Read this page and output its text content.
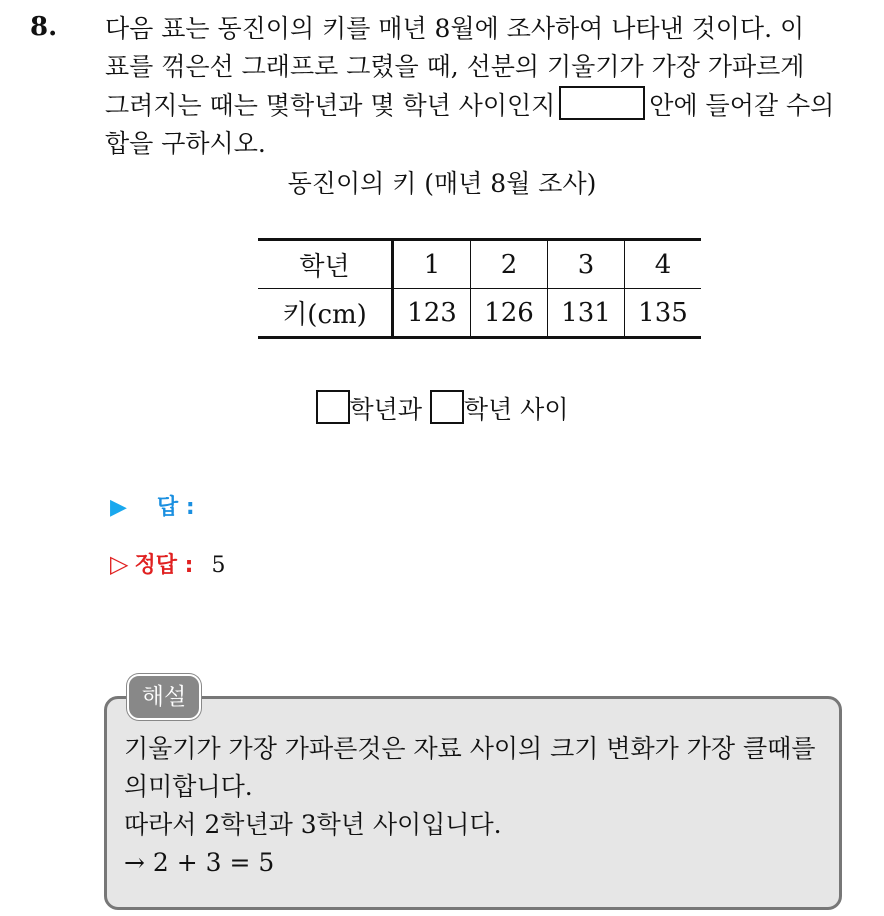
8. 다음 표는 동진이의 키를 매년 8월에 조사하여 나타낸 것이다. 이
표를 꺾은선 그래프로 그렸을 때, 선분의 기울기가 가장 가파르게
그려지는 때는 몇학년과 몇 학년 사이인지	안에 들어갈 수의
합을 구하시오.
동진이의 키 (매년 8월 조사)
학년	1	2	3	4
키(cm)	123	126	131	135
학년과 학년 사이
▶ 답 :
▷ 정답 : 5
해설
기울기가 가장 가파른것은 자료 사이의 크기 변화가 가장 클때를
의미합니다.
따라서 2학년과 3학년 사이입니다.
→ 2 + 3 = 5
